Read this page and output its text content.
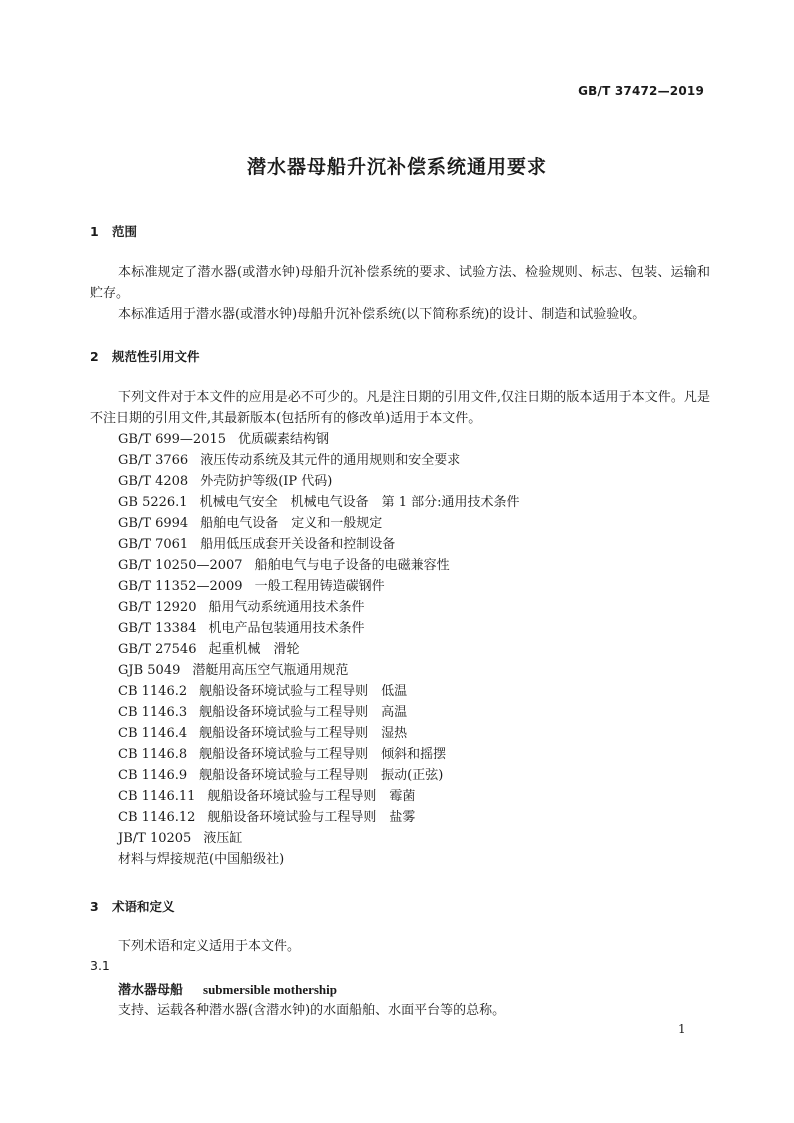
GB/T 37472—2019
潜水器母船升沉补偿系统通用要求
1 范围

本标准规定了潜水器(或潜水钟)母船升沉补偿系统的要求、试验方法、检验规则、标志、包装、运输和贮存。

本标准适用于潜水器(或潜水钟)母船升沉补偿系统(以下简称系统)的设计、制造和试验验收。

2 规范性引用文件

下列文件对于本文件的应用是必不可少的。凡是注日期的引用文件,仅注日期的版本适用于本文件。凡是不注日期的引用文件,其最新版本(包括所有的修改单)适用于本文件。

GB/T 699—2015 优质碳素结构钢
GB/T 3766 液压传动系统及其元件的通用规则和安全要求
GB/T 4208 外壳防护等级(IP 代码)
GB 5226.1 机械电气安全　机械电气设备　第 1 部分:通用技术条件
GB/T 6994 船舶电气设备　定义和一般规定
GB/T 7061 船用低压成套开关设备和控制设备
GB/T 10250—2007 船舶电气与电子设备的电磁兼容性
GB/T 11352—2009 一般工程用铸造碳钢件
GB/T 12920 船用气动系统通用技术条件
GB/T 13384 机电产品包装通用技术条件
GB/T 27546 起重机械　滑轮
GJB 5049 潜艇用高压空气瓶通用规范
CB 1146.2 舰船设备环境试验与工程导则　低温
CB 1146.3 舰船设备环境试验与工程导则　高温
CB 1146.4 舰船设备环境试验与工程导则　湿热
CB 1146.8 舰船设备环境试验与工程导则　倾斜和摇摆
CB 1146.9 舰船设备环境试验与工程导则　振动(正弦)
CB 1146.11 舰船设备环境试验与工程导则　霉菌
CB 1146.12 舰船设备环境试验与工程导则　盐雾
JB/T 10205 液压缸
材料与焊接规范(中国船级社)
3 术语和定义

下列术语和定义适用于本文件。

3.1
潜水器母船 submersible mothership

支持、运载各种潜水器(含潜水钟)的水面船舶、水面平台等的总称。

1
